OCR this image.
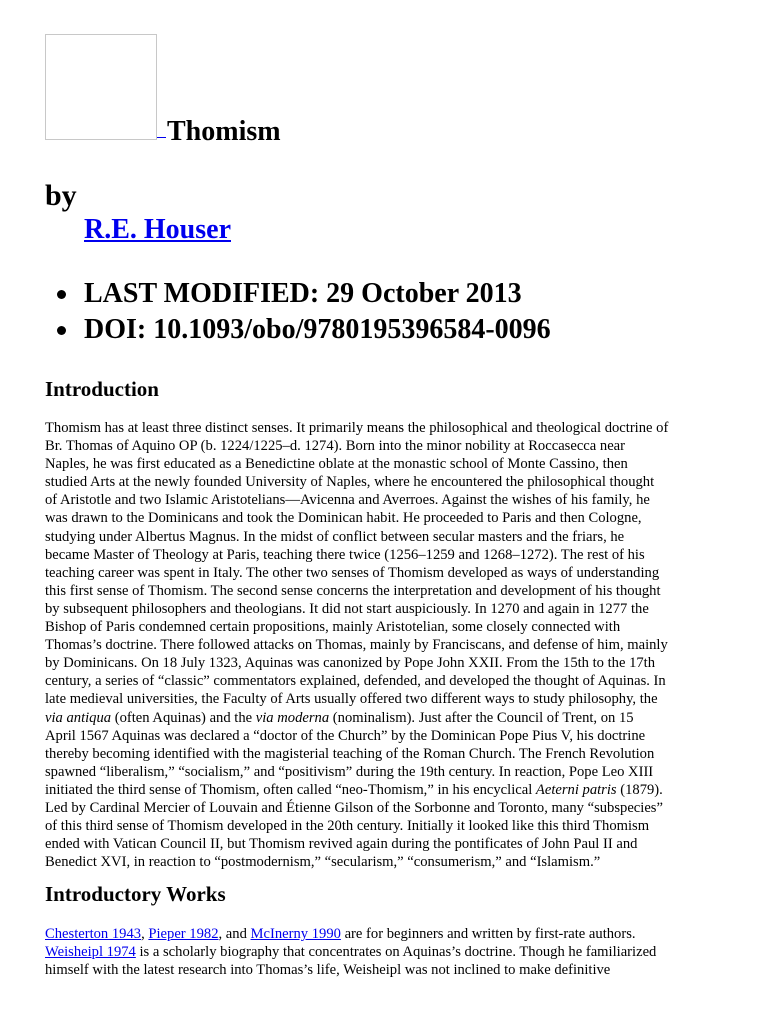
Thomism
by
R.E. Houser
LAST MODIFIED: 29 October 2013
DOI: 10.1093/obo/9780195396584-0096
Introduction

Thomism has at least three distinct senses. It primarily means the philosophical and theological doctrine of
Br. Thomas of Aquino OP (b. 1224/1225–d. 1274). Born into the minor nobility at Roccasecca near
Naples, he was first educated as a Benedictine oblate at the monastic school of Monte Cassino, then
studied Arts at the newly founded University of Naples, where he encountered the philosophical thought
of Aristotle and two Islamic Aristotelians—Avicenna and Averroes. Against the wishes of his family, he
was drawn to the Dominicans and took the Dominican habit. He proceeded to Paris and then Cologne,
studying under Albertus Magnus. In the midst of conflict between secular masters and the friars, he
became Master of Theology at Paris, teaching there twice (1256–1259 and 1268–1272). The rest of his
teaching career was spent in Italy. The other two senses of Thomism developed as ways of understanding
this first sense of Thomism. The second sense concerns the interpretation and development of his thought
by subsequent philosophers and theologians. It did not start auspiciously. In 1270 and again in 1277 the
Bishop of Paris condemned certain propositions, mainly Aristotelian, some closely connected with
Thomas’s doctrine. There followed attacks on Thomas, mainly by Franciscans, and defense of him, mainly
by Dominicans. On 18 July 1323, Aquinas was canonized by Pope John XXII. From the 15th to the 17th
century, a series of “classic” commentators explained, defended, and developed the thought of Aquinas. In
late medieval universities, the Faculty of Arts usually offered two different ways to study philosophy, the
via antiqua (often Aquinas) and the via moderna (nominalism). Just after the Council of Trent, on 15
April 1567 Aquinas was declared a “doctor of the Church” by the Dominican Pope Pius V, his doctrine
thereby becoming identified with the magisterial teaching of the Roman Church. The French Revolution
spawned “liberalism,” “socialism,” and “positivism” during the 19th century. In reaction, Pope Leo XIII
initiated the third sense of Thomism, often called “neo-Thomism,” in his encyclical Aeterni patris (1879).
Led by Cardinal Mercier of Louvain and Étienne Gilson of the Sorbonne and Toronto, many “subspecies”
of this third sense of Thomism developed in the 20th century. Initially it looked like this third Thomism
ended with Vatican Council II, but Thomism revived again during the pontificates of John Paul II and
Benedict XVI, in reaction to “postmodernism,” “secularism,” “consumerism,” and “Islamism.”

Introductory Works

Chesterton 1943, Pieper 1982, and McInerny 1990 are for beginners and written by first-rate authors.
Weisheipl 1974 is a scholarly biography that concentrates on Aquinas’s doctrine. Though he familiarized
himself with the latest research into Thomas’s life, Weisheipl was not inclined to make definitive
